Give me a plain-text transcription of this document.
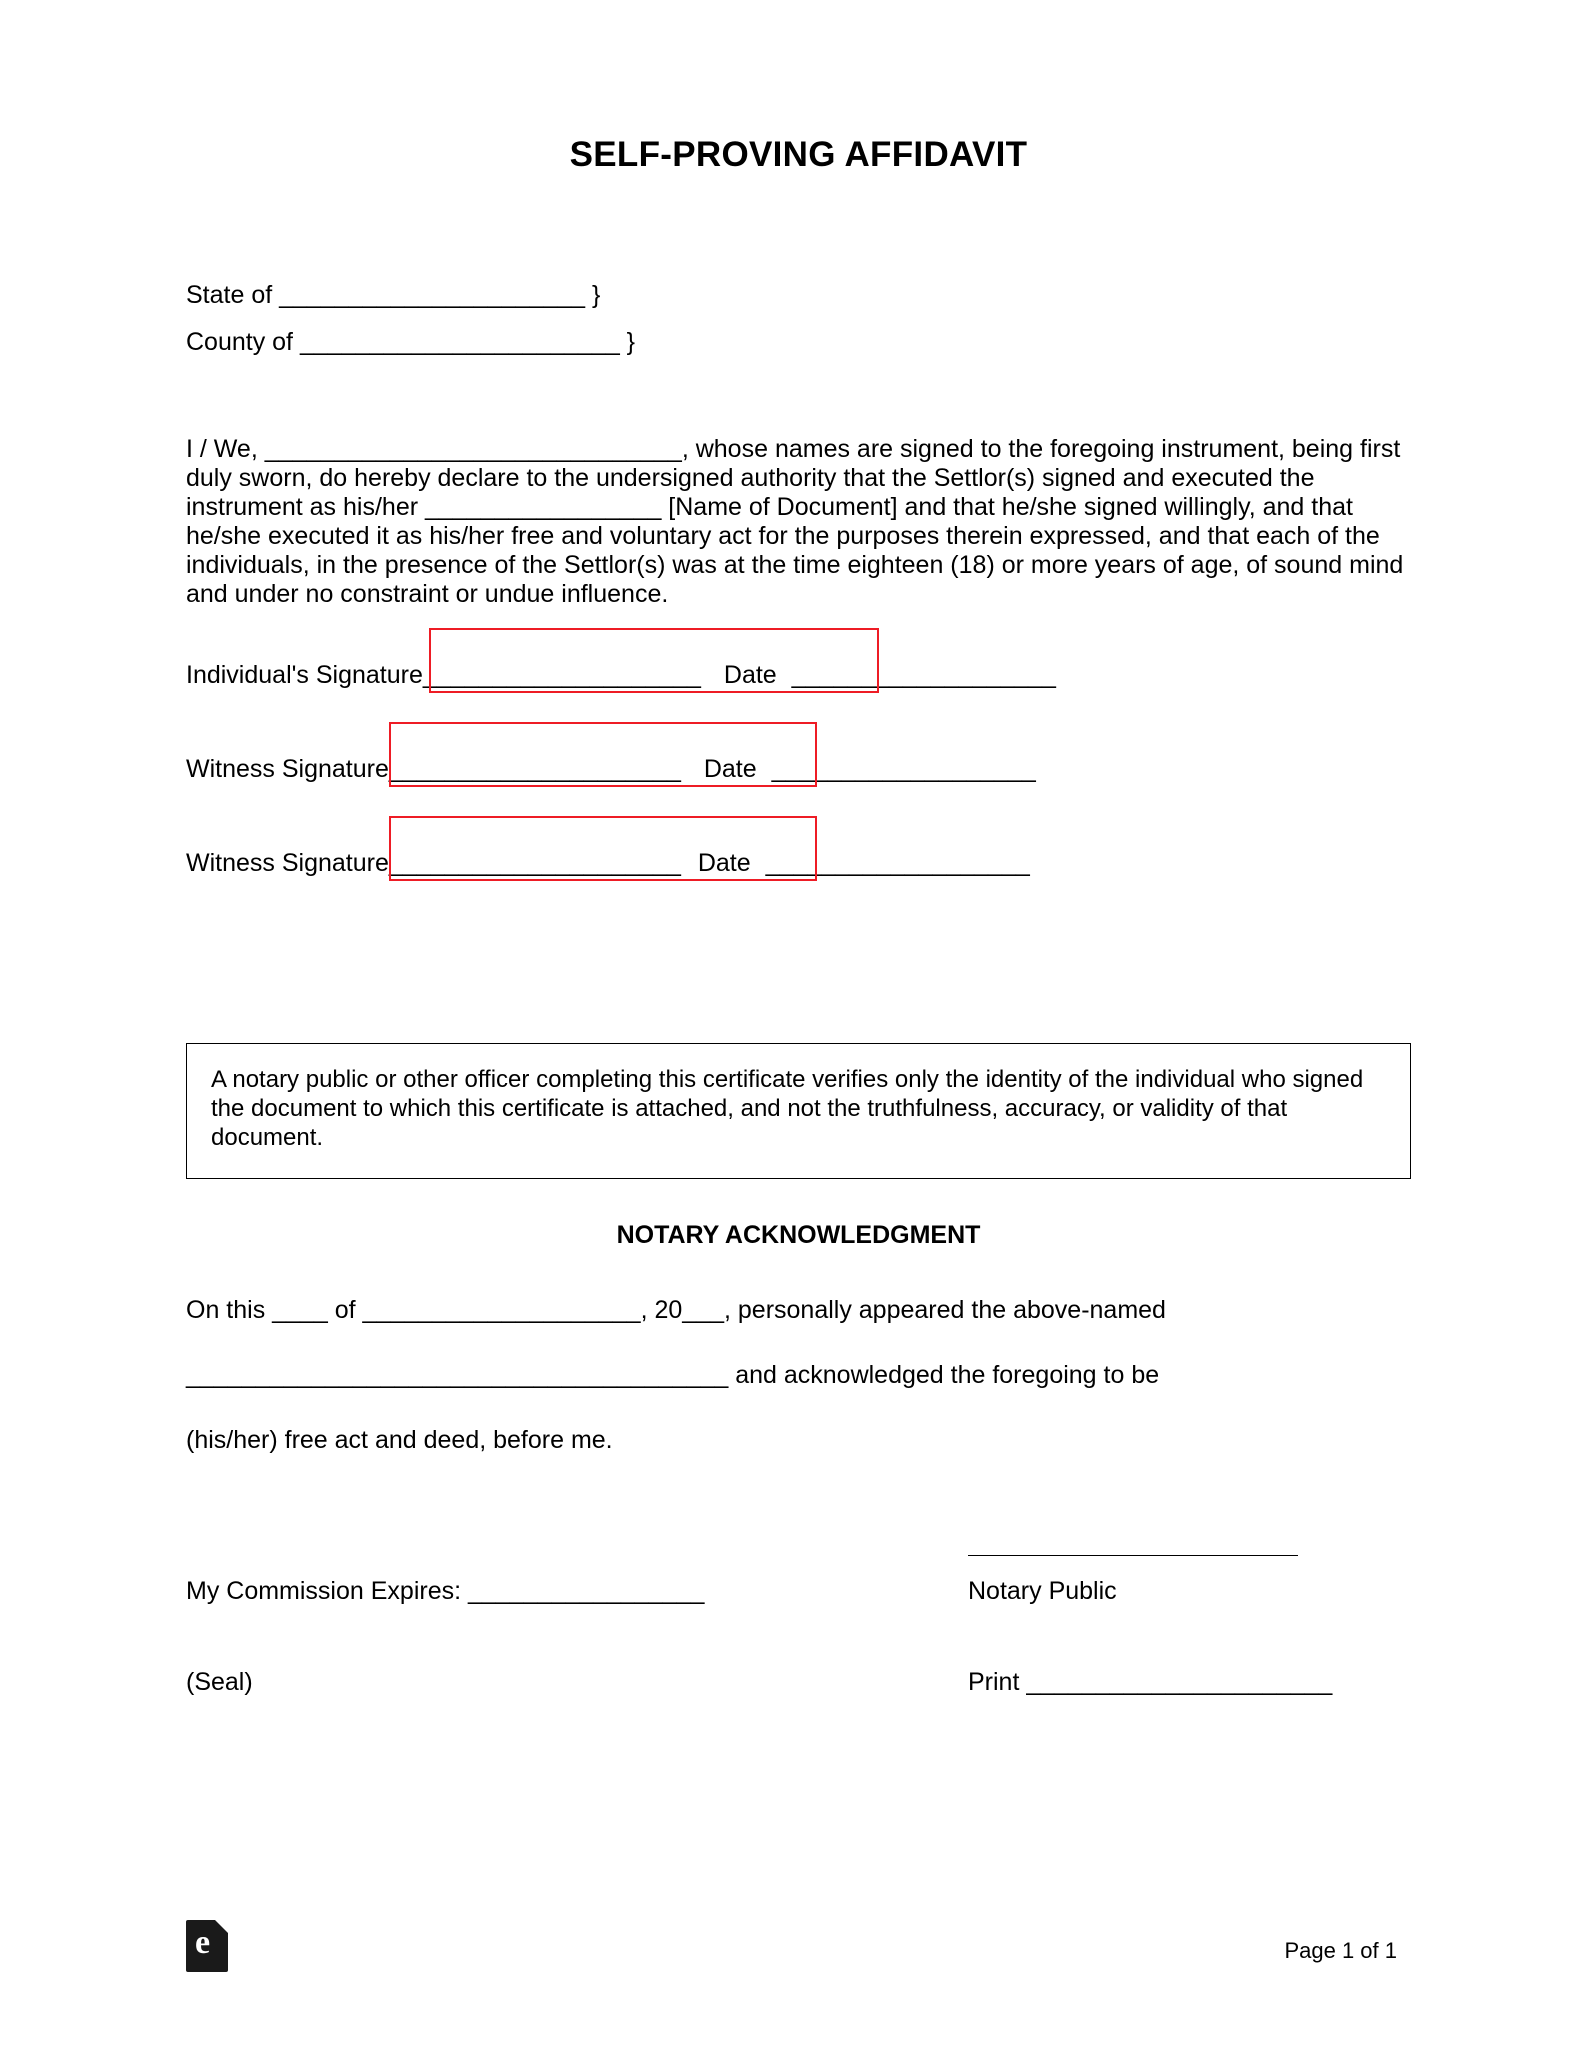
SELF-PROVING AFFIDAVIT
State of ______________________ }
County of _______________________ }
I / We, ______________________________, whose names are signed to the foregoing instrument, being first duly sworn, do hereby declare to the undersigned authority that the Settlor(s) signed and executed the instrument as his/her _________________ [Name of Document] and that he/she signed willingly, and that he/she executed it as his/her free and voluntary act for the purposes therein expressed, and that each of the individuals, in the presence of the Settlor(s) was at the time eighteen (18) or more years of age, of sound mind and under no constraint or undue influence.
Individual's Signature____________________ Date ___________________
Witness Signature_____________________ Date ___________________
Witness Signature_____________________ Date ___________________
A notary public or other officer completing this certificate verifies only the identity of the individual who signed the document to which this certificate is attached, and not the truthfulness, accuracy, or validity of that document.
NOTARY ACKNOWLEDGMENT

On this ____ of ____________________, 20___, personally appeared the above-named

_______________________________________ and acknowledged the foregoing to be

(his/her) free act and deed, before me.

Notary Public
My Commission Expires: _________________
(Seal)	Print ______________________
e
Page 1 of 1
